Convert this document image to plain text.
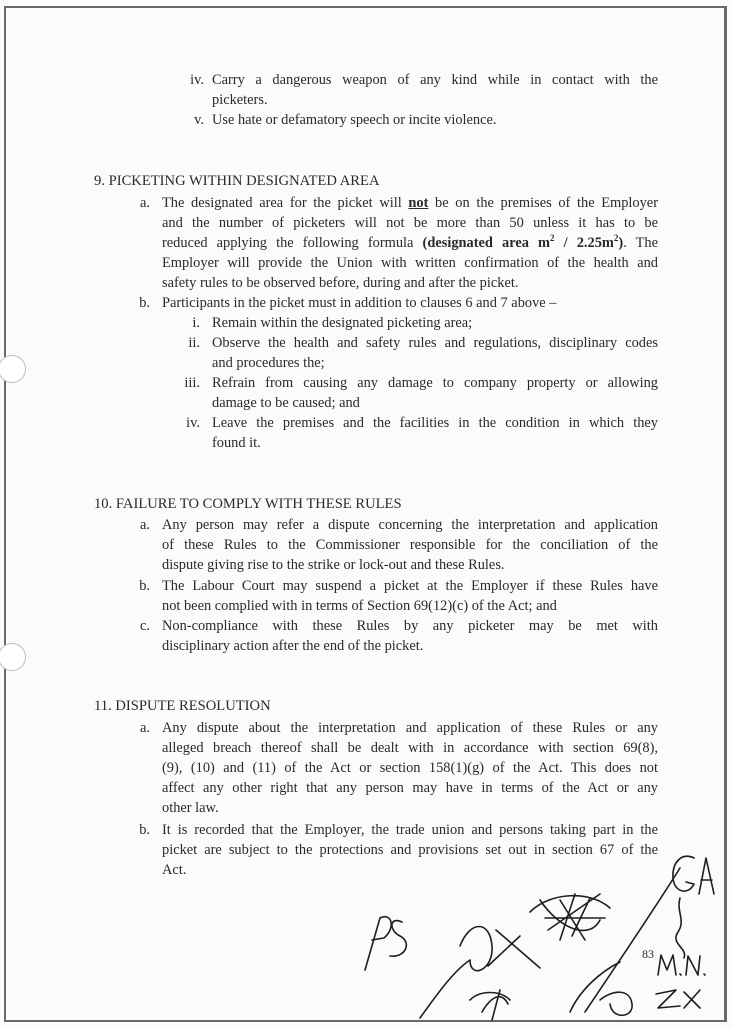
iv. Carry a dangerous weapon of any kind while in contact with the
picketers.
v. Use hate or defamatory speech or incite violence.
9. PICKETING WITHIN DESIGNATED AREA
a. The designated area for the picket will not be on the premises of the Employer
and the number of picketers will not be more than 50 unless it has to be
reduced applying the following formula (designated area $m^2 / 2.25m^2$). The
Employer will provide the Union with written confirmation of the health and
safety rules to be observed before, during and after the picket.
b. Participants in the picket must in addition to clauses 6 and 7 above –
i. Remain within the designated picketing area;
ii. Observe the health and safety rules and regulations, disciplinary codes
and procedures the;
iii. Refrain from causing any damage to company property or allowing
damage to be caused; and
iv. Leave the premises and the facilities in the condition in which they
found it.
10. FAILURE TO COMPLY WITH THESE RULES
a. Any person may refer a dispute concerning the interpretation and application
of these Rules to the Commissioner responsible for the conciliation of the
dispute giving rise to the strike or lock-out and these Rules.
b. The Labour Court may suspend a picket at the Employer if these Rules have
not been complied with in terms of Section 69(12)(c) of the Act; and
c. Non-compliance with these Rules by any picketer may be met with
disciplinary action after the end of the picket.
11. DISPUTE RESOLUTION
a. Any dispute about the interpretation and application of these Rules or any
alleged breach thereof shall be dealt with in accordance with section 69(8),
(9), (10) and (11) of the Act or section 158(1)(g) of the Act. This does not
affect any other right that any person may have in terms of the Act or any
other law.
b. It is recorded that the Employer, the trade union and persons taking part in the
picket are subject to the protections and provisions set out in section 67 of the
Act.
83
